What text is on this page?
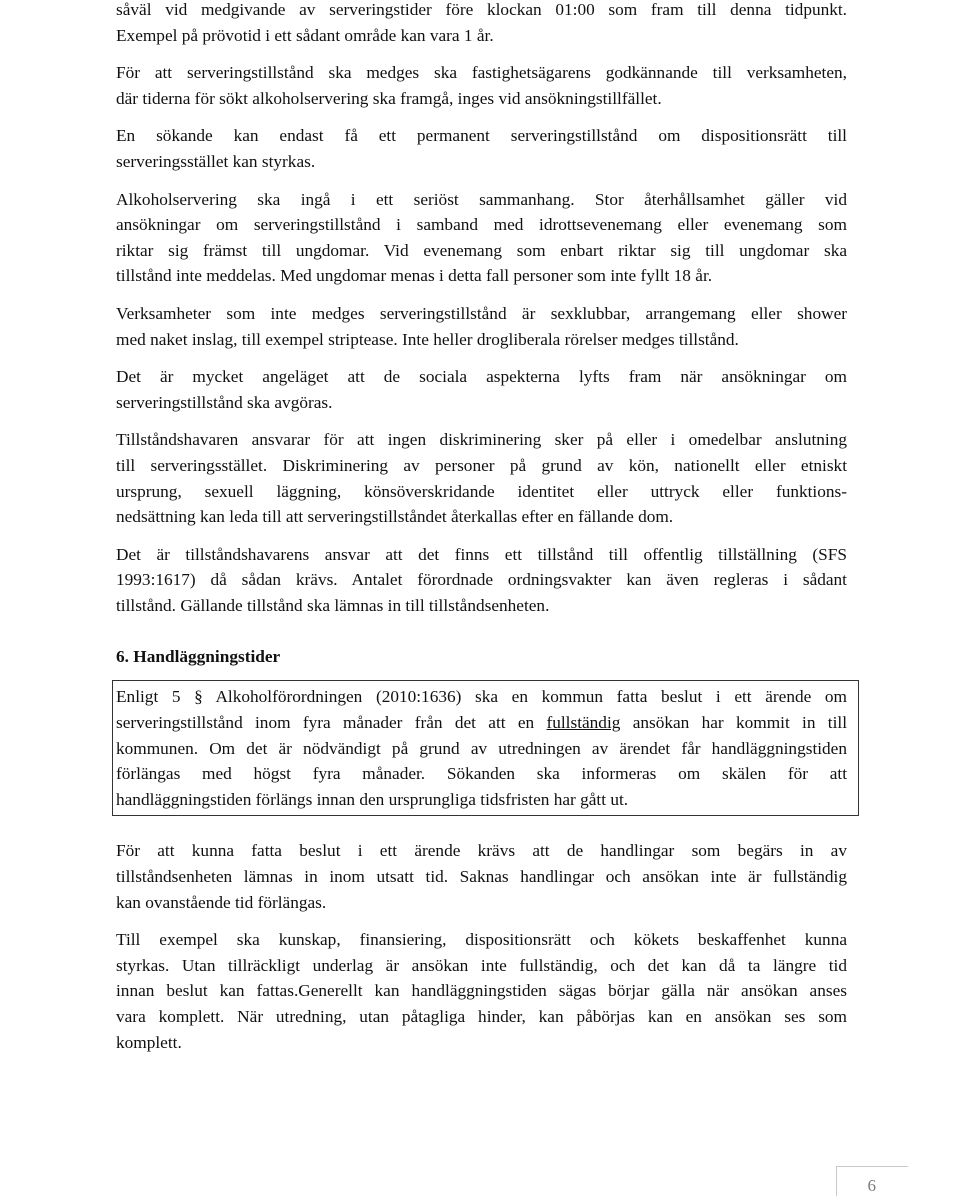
såväl vid medgivande av serveringstider före klockan 01:00 som fram till denna tidpunkt.
Exempel på prövotid i ett sådant område kan vara 1 år.
För att serveringstillstånd ska medges ska fastighetsägarens godkännande till verksamheten,
där tiderna för sökt alkoholservering ska framgå, inges vid ansökningstillfället.
En sökande kan endast få ett permanent serveringstillstånd om dispositionsrätt till
serveringsstället kan styrkas.
Alkoholservering ska ingå i ett seriöst sammanhang. Stor återhållsamhet gäller vid
ansökningar om serveringstillstånd i samband med idrottsevenemang eller evenemang som
riktar sig främst till ungdomar. Vid evenemang som enbart riktar sig till ungdomar ska
tillstånd inte meddelas. Med ungdomar menas i detta fall personer som inte fyllt 18 år.
Verksamheter som inte medges serveringstillstånd är sexklubbar, arrangemang eller shower
med naket inslag, till exempel striptease. Inte heller drogliberala rörelser medges tillstånd.
Det är mycket angeläget att de sociala aspekterna lyfts fram när ansökningar om
serveringstillstånd ska avgöras.
Tillståndshavaren ansvarar för att ingen diskriminering sker på eller i omedelbar anslutning
till serveringsstället. Diskriminering av personer på grund av kön, nationellt eller etniskt
ursprung, sexuell läggning, könsöverskridande identitet eller uttryck eller funktions-
nedsättning kan leda till att serveringstillståndet återkallas efter en fällande dom.
Det är tillståndshavarens ansvar att det finns ett tillstånd till offentlig tillställning (SFS
1993:1617) då sådan krävs. Antalet förordnade ordningsvakter kan även regleras i sådant
tillstånd. Gällande tillstånd ska lämnas in till tillståndsenheten.
6. Handläggningstider
Enligt 5 § Alkoholförordningen (2010:1636) ska en kommun fatta beslut i ett ärende om
serveringstillstånd inom fyra månader från det att en fullständig ansökan har kommit in till
kommunen. Om det är nödvändigt på grund av utredningen av ärendet får handläggningstiden
förlängas med högst fyra månader. Sökanden ska informeras om skälen för att
handläggningstiden förlängs innan den ursprungliga tidsfristen har gått ut.
För att kunna fatta beslut i ett ärende krävs att de handlingar som begärs in av
tillståndsenheten lämnas in inom utsatt tid. Saknas handlingar och ansökan inte är fullständig
kan ovanstående tid förlängas.
Till exempel ska kunskap, finansiering, dispositionsrätt och kökets beskaffenhet kunna
styrkas. Utan tillräckligt underlag är ansökan inte fullständig, och det kan då ta längre tid
innan beslut kan fattas.Generellt kan handläggningstiden sägas börjar gälla när ansökan anses
vara komplett. När utredning, utan påtagliga hinder, kan påbörjas kan en ansökan ses som
komplett.
6
